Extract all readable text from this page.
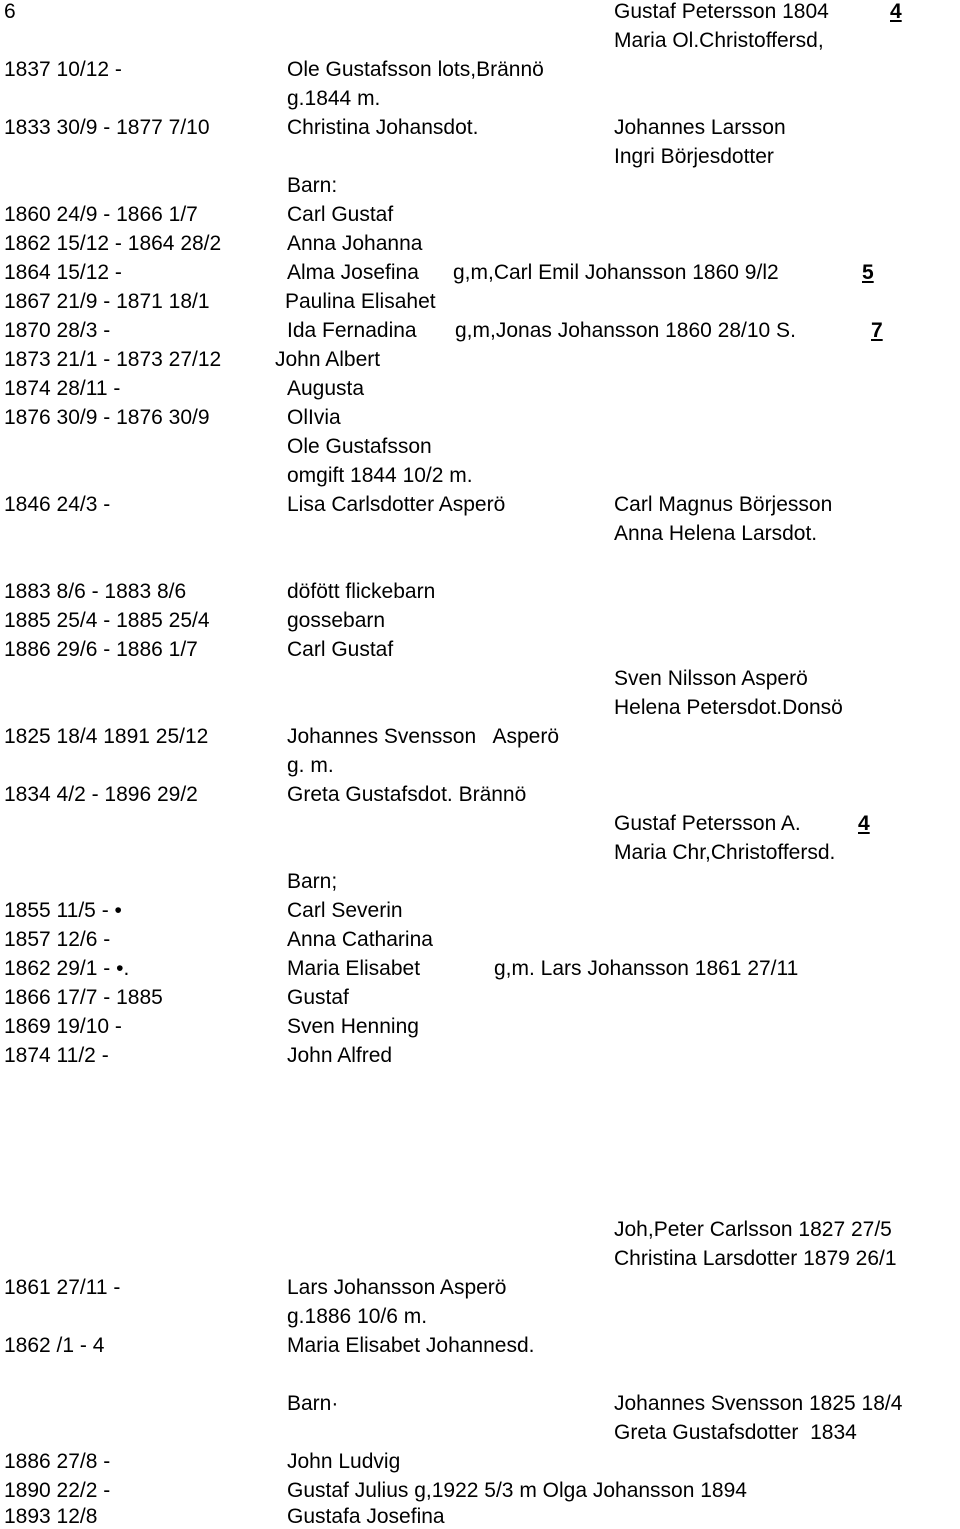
6	Gustaf Petersson 1804	4
Maria Ol.Christoffersd,
1837 10/12 -	Ole Gustafsson lots,Brännö
g.1844 m.
1833 30/9 - 1877 7/10	Christina Johansdot.	Johannes Larsson
Ingri Börjesdotter
Barn:
1860 24/9 - 1866 1/7	Carl Gustaf
1862 15/12 - 1864 28/2	Anna Johanna
1864 15/12 -	Alma Josefina g,m,Carl Emil Johansson 1860 9/l2	5
1867 21/9 - 1871 18/1	Paulina Elisahet
1870 28/3 -	Ida Fernadina g,m,Jonas Johansson 1860 28/10 S.	7
1873 21/1 - 1873 27/12	John Albert
1874 28/11 -	Augusta
1876 30/9 - 1876 30/9	OlIvia
Ole Gustafsson
omgift 1844 10/2 m.
1846 24/3 -	Lisa Carlsdotter Asperö	Carl Magnus Börjesson
Anna Helena Larsdot.
1883 8/6 - 1883 8/6	döfött flickebarn
1885 25/4 - 1885 25/4	gossebarn
1886 29/6 - 1886 1/7	Carl Gustaf
Sven Nilsson Asperö
Helena Petersdot.Donsö
1825 18/4 1891 25/12	Johannes Svensson   Asperö
g. m.
1834 4/2 - 1896 29/2	Greta Gustafsdot. Brännö
Gustaf Petersson A.	4
Maria Chr,Christoffersd.
Barn;
1855 11/5 - •	Carl Severin
1857 12/6 -	Anna Catharina
1862 29/1 - •.	Maria Elisabet	g,m. Lars Johansson 1861 27/11
1866 17/7 - 1885	Gustaf
1869 19/10 -	Sven Henning
1874 11/2 -	John Alfred
Joh,Peter Carlsson 1827 27/5
Christina Larsdotter 1879 26/1
1861 27/11 -	Lars Johansson Asperö
g.1886 10/6 m.
1862 /1 - 4	Maria Elisabet Johannesd.
Barn·	Johannes Svensson 1825 18/4
Greta Gustafsdotter  1834
1886 27/8 -	John Ludvig
1890 22/2 -	Gustaf Julius g,1922 5/3 m Olga Johansson 1894
1893 12/8	Gustafa Josefina
